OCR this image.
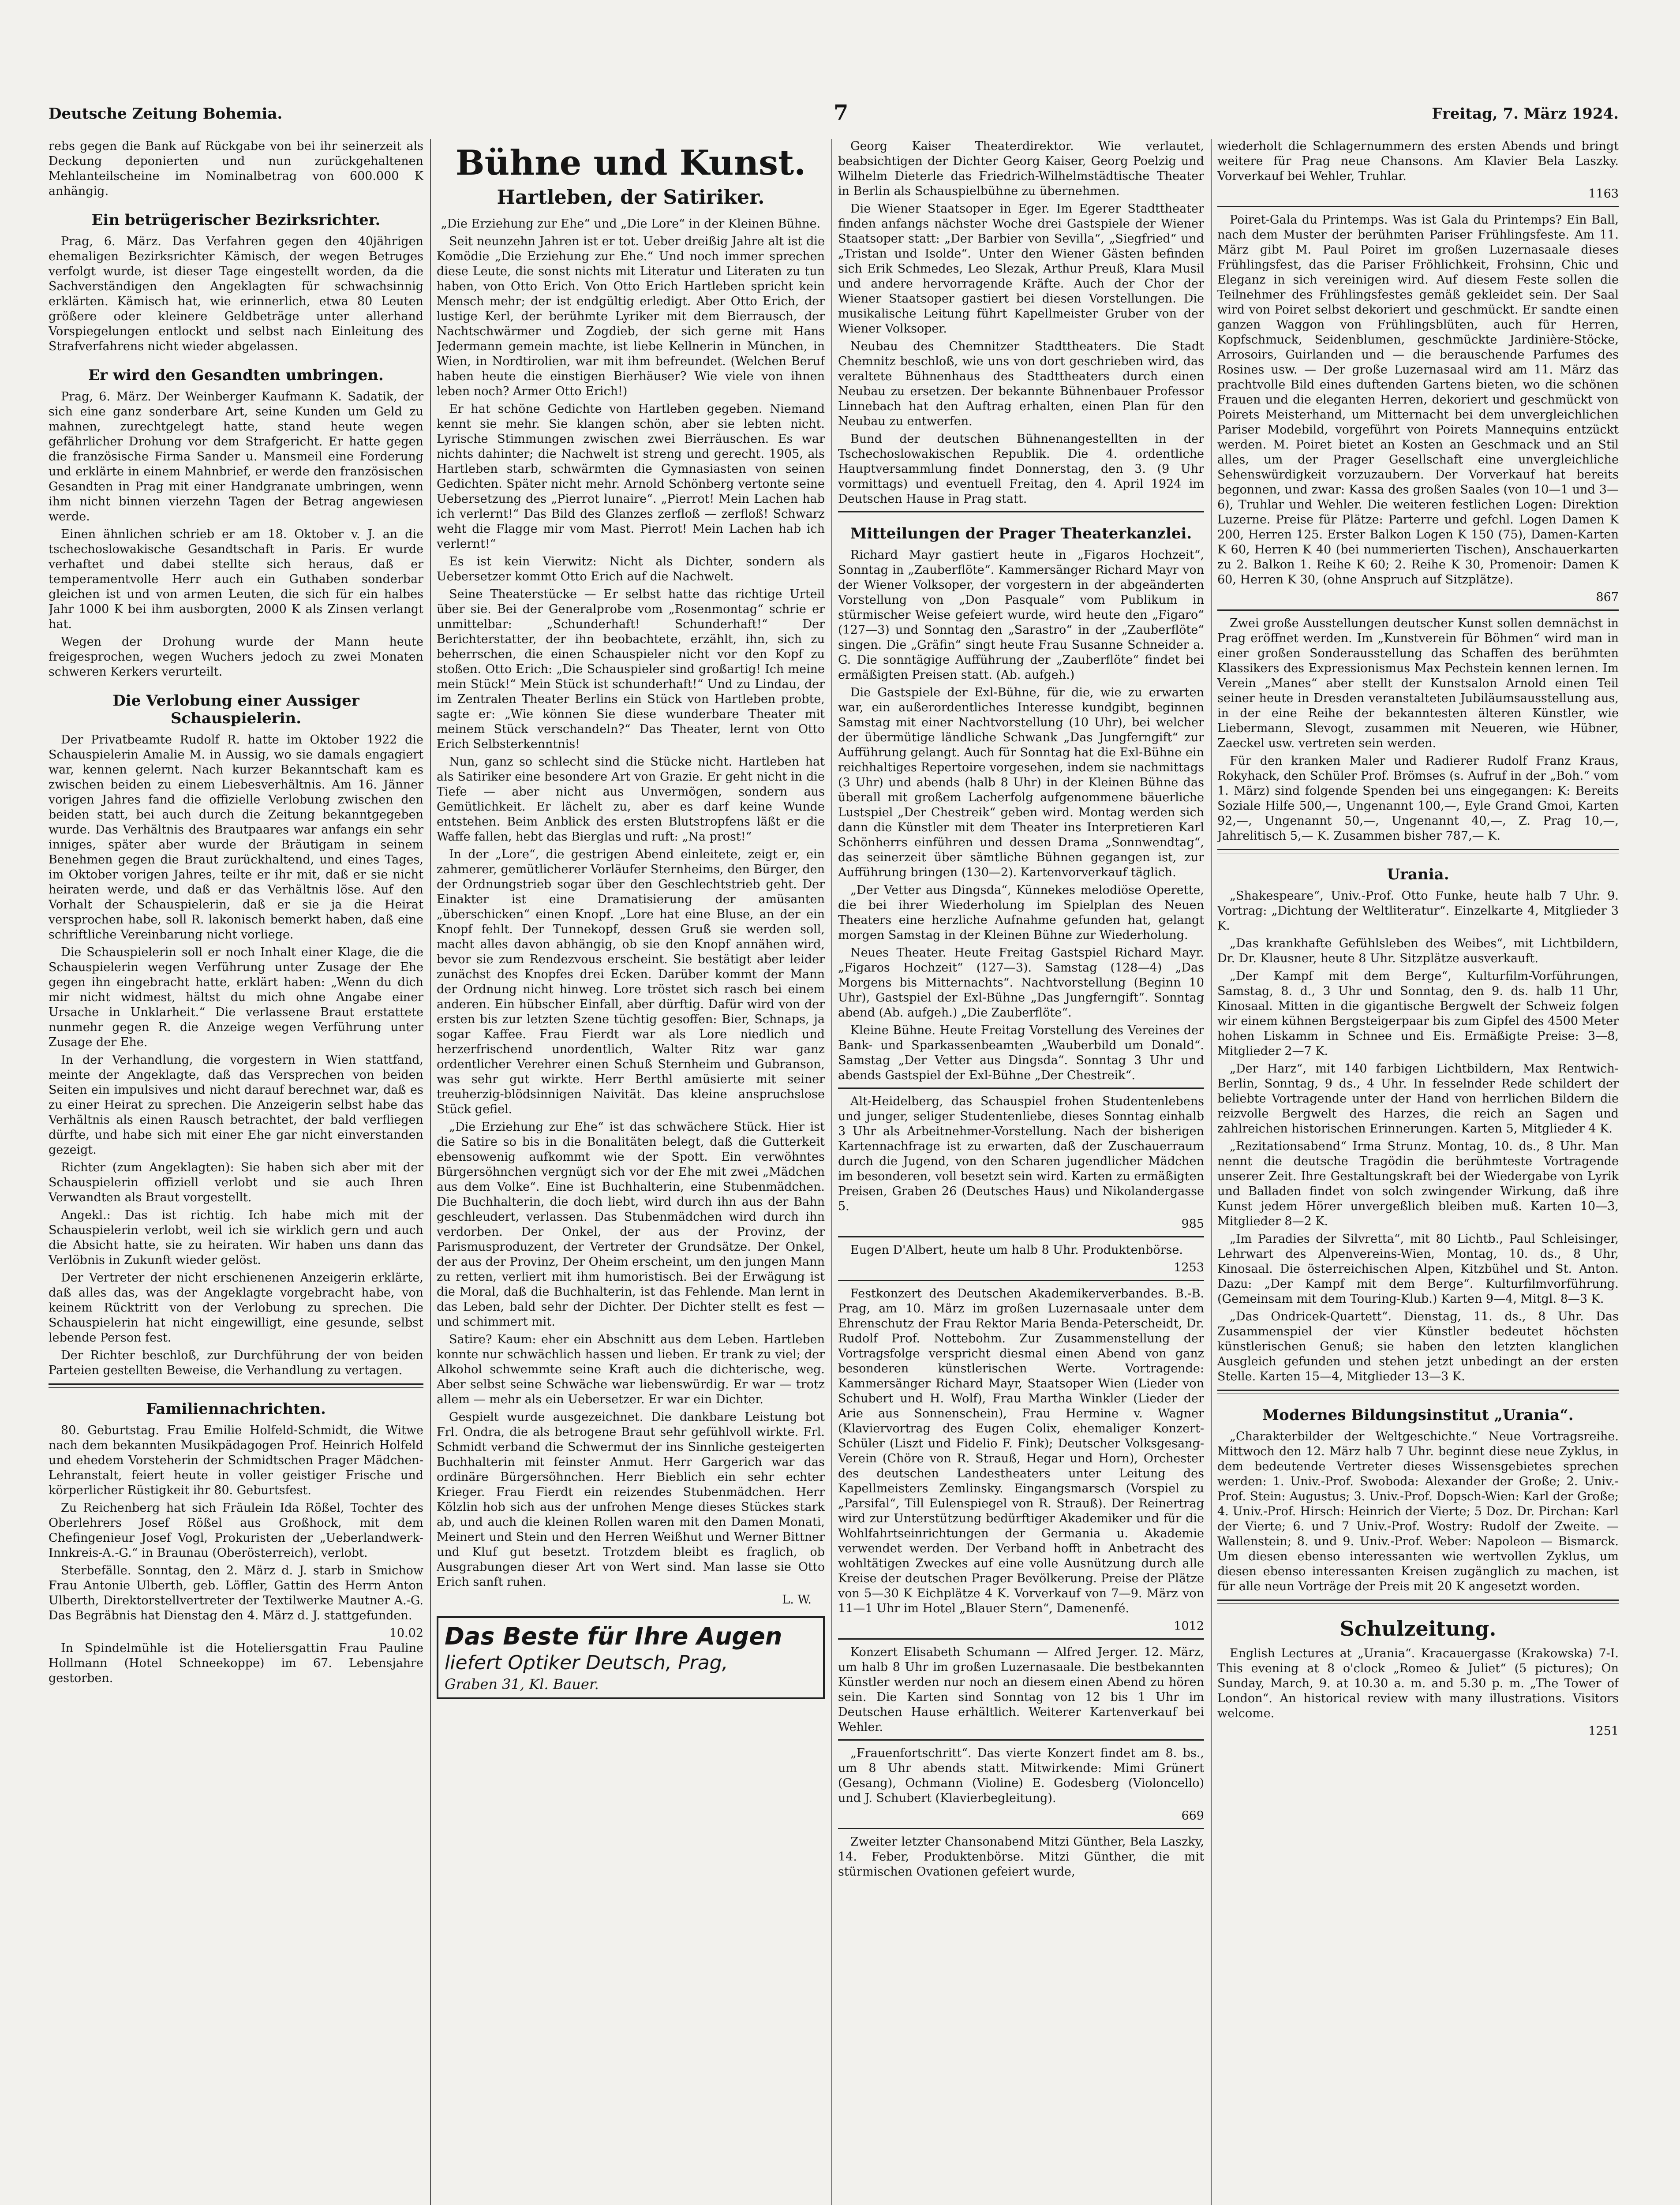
Deutsche Zeitung Bohemia.	7	Freitag, 7. März 1924.

rebs gegen die Bank auf Rückgabe von bei ihr seinerzeit als Deckung deponierten und nun zurückgehaltenen Mehlanteilscheine im Nominalbetrag von 600.000 K anhängig.

Ein betrügerischer Bezirksrichter.

Prag, 6. März. Das Verfahren gegen den 40jährigen ehemaligen Bezirksrichter Kämisch, der wegen Betruges verfolgt wurde, ist dieser Tage eingestellt worden, da die Sachverständigen den Angeklagten für schwachsinnig erklärten. Kämisch hat, wie erinnerlich, etwa 80 Leuten größere oder kleinere Geldbeträge unter allerhand Vorspiegelungen entlockt und selbst nach Einleitung des Strafverfahrens nicht wieder abgelassen.

Er wird den Gesandten umbringen.

Prag, 6. März. Der Weinberger Kaufmann K. Sadatik, der sich eine ganz sonderbare Art, seine Kunden um Geld zu mahnen, zurechtgelegt hatte, stand heute wegen gefährlicher Drohung vor dem Strafgericht. Er hatte gegen die französische Firma Sander u. Mansmeil eine Forderung und erklärte in einem Mahnbrief, er werde den französischen Gesandten in Prag mit einer Handgranate umbringen, wenn ihm nicht binnen vierzehn Tagen der Betrag angewiesen werde.

Einen ähnlichen schrieb er am 18. Oktober v. J. an die tschechoslowakische Gesandtschaft in Paris. Er wurde verhaftet und dabei stellte sich heraus, daß er temperamentvolle Herr auch ein Guthaben sonderbar gleichen ist und von armen Leuten, die sich für ein halbes Jahr 1000 K bei ihm ausborgten, 2000 K als Zinsen verlangt hat.

Wegen der Drohung wurde der Mann heute freigesprochen, wegen Wuchers jedoch zu zwei Monaten schweren Kerkers verurteilt.

Die Verlobung einer Aussiger Schauspielerin.

Der Privatbeamte Rudolf R. hatte im Oktober 1922 die Schauspielerin Amalie M. in Aussig, wo sie damals engagiert war, kennen gelernt. Nach kurzer Bekanntschaft kam es zwischen beiden zu einem Liebesverhältnis. Am 16. Jänner vorigen Jahres fand die offizielle Verlobung zwischen den beiden statt, bei auch durch die Zeitung bekanntgegeben wurde. Das Verhältnis des Brautpaares war anfangs ein sehr inniges, später aber wurde der Bräutigam in seinem Benehmen gegen die Braut zurückhaltend, und eines Tages, im Oktober vorigen Jahres, teilte er ihr mit, daß er sie nicht heiraten werde, und daß er das Verhältnis löse. Auf den Vorhalt der Schauspielerin, daß er sie ja die Heirat versprochen habe, soll R. lakonisch bemerkt haben, daß eine schriftliche Vereinbarung nicht vorliege.

Die Schauspielerin soll er noch Inhalt einer Klage, die die Schauspielerin wegen Verführung unter Zusage der Ehe gegen ihn eingebracht hatte, erklärt haben: „Wenn du dich mir nicht widmest, hältst du mich ohne Angabe einer Ursache in Unklarheit.“ Die verlassene Braut erstattete nunmehr gegen R. die Anzeige wegen Verführung unter Zusage der Ehe.

In der Verhandlung, die vorgestern in Wien stattfand, meinte der Angeklagte, daß das Versprechen von beiden Seiten ein impulsives und nicht darauf berechnet war, daß es zu einer Heirat zu sprechen. Die Anzeigerin selbst habe das Verhältnis als einen Rausch betrachtet, der bald verfliegen dürfte, und habe sich mit einer Ehe gar nicht einverstanden gezeigt.

Richter (zum Angeklagten): Sie haben sich aber mit der Schauspielerin offiziell verlobt und sie auch Ihren Verwandten als Braut vorgestellt.

Angekl.: Das ist richtig. Ich habe mich mit der Schauspielerin verlobt, weil ich sie wirklich gern und auch die Absicht hatte, sie zu heiraten. Wir haben uns dann das Verlöbnis in Zukunft wieder gelöst.

Der Vertreter der nicht erschienenen Anzeigerin erklärte, daß alles das, was der Angeklagte vorgebracht habe, von keinem Rücktritt von der Verlobung zu sprechen. Die Schauspielerin hat nicht eingewilligt, eine gesunde, selbst lebende Person fest.

Der Richter beschloß, zur Durchführung der von beiden Parteien gestellten Beweise, die Verhandlung zu vertagen.

Familiennachrichten.

80. Geburtstag. Frau Emilie Holfeld-Schmidt, die Witwe nach dem bekannten Musikpädagogen Prof. Heinrich Holfeld und ehedem Vorsteherin der Schmidtschen Prager Mädchen-Lehranstalt, feiert heute in voller geistiger Frische und körperlicher Rüstigkeit ihr 80. Geburtsfest.

Zu Reichenberg hat sich Fräulein Ida Rößel, Tochter des Oberlehrers Josef Rößel aus Großhock, mit dem Chefingenieur Josef Vogl, Prokuristen der „Ueberlandwerk-Innkreis-A.-G.“ in Braunau (Oberösterreich), verlobt.

Sterbefälle. Sonntag, den 2. März d. J. starb in Smichow Frau Antonie Ulberth, geb. Löffler, Gattin des Herrn Anton Ulberth, Direktorstellvertreter der Textilwerke Mautner A.-G. Das Begräbnis hat Dienstag den 4. März d. J. stattgefunden.

10.02

In Spindelmühle ist die Hoteliersgattin Frau Pauline Hollmann (Hotel Schneekoppe) im 67. Lebensjahre gestorben.

Bühne und Kunst.
Hartleben, der Satiriker.

„Die Erziehung zur Ehe“ und „Die Lore“ in der Kleinen Bühne.

Seit neunzehn Jahren ist er tot. Ueber dreißig Jahre alt ist die Komödie „Die Erziehung zur Ehe.“ Und noch immer sprechen diese Leute, die sonst nichts mit Literatur und Literaten zu tun haben, von Otto Erich. Von Otto Erich Hartleben spricht kein Mensch mehr; der ist endgültig erledigt. Aber Otto Erich, der lustige Kerl, der berühmte Lyriker mit dem Bierrausch, der Nachtschwärmer und Zogdieb, der sich gerne mit Hans Jedermann gemein machte, ist liebe Kellnerin in München, in Wien, in Nordtirolien, war mit ihm befreundet. (Welchen Beruf haben heute die einstigen Bierhäuser? Wie viele von ihnen leben noch? Armer Otto Erich!)

Er hat schöne Gedichte von Hartleben gegeben. Niemand kennt sie mehr. Sie klangen schön, aber sie lebten nicht. Lyrische Stimmungen zwischen zwei Bierräuschen. Es war nichts dahinter; die Nachwelt ist streng und gerecht. 1905, als Hartleben starb, schwärmten die Gymnasiasten von seinen Gedichten. Später nicht mehr. Arnold Schönberg vertonte seine Uebersetzung des „Pierrot lunaire“. „Pierrot! Mein Lachen hab ich verlernt!“ Das Bild des Glanzes zerfloß — zerfloß! Schwarz weht die Flagge mir vom Mast. Pierrot! Mein Lachen hab ich verlernt!“

Es ist kein Vierwitz: Nicht als Dichter, sondern als Uebersetzer kommt Otto Erich auf die Nachwelt.

Seine Theaterstücke — Er selbst hatte das richtige Urteil über sie. Bei der Generalprobe vom „Rosenmontag“ schrie er unmittelbar: „Schunderhaft! Schunderhaft!“ Der Berichterstatter, der ihn beobachtete, erzählt, ihn, sich zu beherrschen, die einen Schauspieler nicht vor den Kopf zu stoßen. Otto Erich: „Die Schauspieler sind großartig! Ich meine mein Stück!“ Mein Stück ist schunderhaft!“ Und zu Lindau, der im Zentralen Theater Berlins ein Stück von Hartleben probte, sagte er: „Wie können Sie diese wunderbare Theater mit meinem Stück verschandeln?“ Das Theater, lernt von Otto Erich Selbsterkenntnis!

Nun, ganz so schlecht sind die Stücke nicht. Hartleben hat als Satiriker eine besondere Art von Grazie. Er geht nicht in die Tiefe — aber nicht aus Unvermögen, sondern aus Gemütlichkeit. Er lächelt zu, aber es darf keine Wunde entstehen. Beim Anblick des ersten Blutstropfens läßt er die Waffe fallen, hebt das Bierglas und ruft: „Na prost!“

In der „Lore“, die gestrigen Abend einleitete, zeigt er, ein zahmerer, gemütlicherer Vorläufer Sternheims, den Bürger, den der Ordnungstrieb sogar über den Geschlechtstrieb geht. Der Einakter ist eine Dramatisierung der amüsanten „überschicken“ einen Knopf. „Lore hat eine Bluse, an der ein Knopf fehlt. Der Tunnekopf, dessen Gruß sie werden soll, macht alles davon abhängig, ob sie den Knopf annähen wird, bevor sie zum Rendezvous erscheint. Sie bestätigt aber leider zunächst des Knopfes drei Ecken. Darüber kommt der Mann der Ordnung nicht hinweg. Lore tröstet sich rasch bei einem anderen. Ein hübscher Einfall, aber dürftig. Dafür wird von der ersten bis zur letzten Szene tüchtig gesoffen: Bier, Schnaps, ja sogar Kaffee. Frau Fierdt war als Lore niedlich und herzerfrischend unordentlich, Walter Ritz war ganz ordentlicher Verehrer einen Schuß Sternheim und Gubranson, was sehr gut wirkte. Herr Berthl amüsierte mit seiner treuherzig-blödsinnigen Naivität. Das kleine anspruchslose Stück gefiel.

„Die Erziehung zur Ehe“ ist das schwächere Stück. Hier ist die Satire so bis in die Bonalitäten belegt, daß die Gutterkeit ebensowenig aufkommt wie der Spott. Ein verwöhntes Bürgersöhnchen vergnügt sich vor der Ehe mit zwei „Mädchen aus dem Volke“. Eine ist Buchhalterin, eine Stubenmädchen. Die Buchhalterin, die doch liebt, wird durch ihn aus der Bahn geschleudert, verlassen. Das Stubenmädchen wird durch ihn verdorben. Der Onkel, der aus der Provinz, der Parismusproduzent, der Vertreter der Grundsätze. Der Onkel, der aus der Provinz, Der Oheim erscheint, um den jungen Mann zu retten, verliert mit ihm humoristisch. Bei der Erwägung ist die Moral, daß die Buchhalterin, ist das Fehlende. Man lernt in das Leben, bald sehr der Dichter. Der Dichter stellt es fest — und schimmert mit.

Satire? Kaum: eher ein Abschnitt aus dem Leben. Hartleben konnte nur schwächlich hassen und lieben. Er trank zu viel; der Alkohol schwemmte seine Kraft auch die dichterische, weg. Aber selbst seine Schwäche war liebenswürdig. Er war — trotz allem — mehr als ein Uebersetzer. Er war ein Dichter.

Gespielt wurde ausgezeichnet. Die dankbare Leistung bot Frl. Ondra, die als betrogene Braut sehr gefühlvoll wirkte. Frl. Schmidt verband die Schwermut der ins Sinnliche gesteigerten Buchhalterin mit feinster Anmut. Herr Gargerich war das ordinäre Bürgersöhnchen. Herr Bieblich ein sehr echter Krieger. Frau Fierdt ein reizendes Stubenmädchen. Herr Kölzlin hob sich aus der unfrohen Menge dieses Stückes stark ab, und auch die kleinen Rollen waren mit den Damen Monati, Meinert und Stein und den Herren Weißhut und Werner Bittner und Kluf gut besetzt. Trotzdem bleibt es fraglich, ob Ausgrabungen dieser Art von Wert sind. Man lasse sie Otto Erich sanft ruhen.

L. W.
Das Beste für Ihre Augen
liefert Optiker Deutsch, Prag,
Graben 31, Kl. Bauer.

Georg Kaiser Theaterdirektor. Wie verlautet, beabsichtigen der Dichter Georg Kaiser, Georg Poelzig und Wilhelm Dieterle das Friedrich-Wilhelmstädtische Theater in Berlin als Schauspielbühne zu übernehmen.

Die Wiener Staatsoper in Eger. Im Egerer Stadttheater finden anfangs nächster Woche drei Gastspiele der Wiener Staatsoper statt: „Der Barbier von Sevilla“, „Siegfried“ und „Tristan und Isolde“. Unter den Wiener Gästen befinden sich Erik Schmedes, Leo Slezak, Arthur Preuß, Klara Musil und andere hervorragende Kräfte. Auch der Chor der Wiener Staatsoper gastiert bei diesen Vorstellungen. Die musikalische Leitung führt Kapellmeister Gruber von der Wiener Volksoper.

Neubau des Chemnitzer Stadttheaters. Die Stadt Chemnitz beschloß, wie uns von dort geschrieben wird, das veraltete Bühnenhaus des Stadttheaters durch einen Neubau zu ersetzen. Der bekannte Bühnenbauer Professor Linnebach hat den Auftrag erhalten, einen Plan für den Neubau zu entwerfen.

Bund der deutschen Bühnenangestellten in der Tschechoslowakischen Republik. Die 4. ordentliche Hauptversammlung findet Donnerstag, den 3. (9 Uhr vormittags) und eventuell Freitag, den 4. April 1924 im Deutschen Hause in Prag statt.

Mitteilungen der Prager Theaterkanzlei.

Richard Mayr gastiert heute in „Figaros Hochzeit“, Sonntag in „Zauberflöte“. Kammersänger Richard Mayr von der Wiener Volksoper, der vorgestern in der abgeänderten Vorstellung von „Don Pasquale“ vom Publikum in stürmischer Weise gefeiert wurde, wird heute den „Figaro“ (127—3) und Sonntag den „Sarastro“ in der „Zauberflöte“ singen. Die „Gräfin“ singt heute Frau Susanne Schneider a. G. Die sonntägige Aufführung der „Zauberflöte“ findet bei ermäßigten Preisen statt. (Ab. aufgeh.)

Die Gastspiele der Exl-Bühne, für die, wie zu erwarten war, ein außerordentliches Interesse kundgibt, beginnen Samstag mit einer Nachtvorstellung (10 Uhr), bei welcher der übermütige ländliche Schwank „Das Jungferngift“ zur Aufführung gelangt. Auch für Sonntag hat die Exl-Bühne ein reichhaltiges Repertoire vorgesehen, indem sie nachmittags (3 Uhr) und abends (halb 8 Uhr) in der Kleinen Bühne das überall mit großem Lacherfolg aufgenommene bäuerliche Lustspiel „Der Chestreik“ geben wird. Montag werden sich dann die Künstler mit dem Theater ins Interpretieren Karl Schönherrs einführen und dessen Drama „Sonnwendtag“, das seinerzeit über sämtliche Bühnen gegangen ist, zur Aufführung bringen (130—2). Kartenvorverkauf täglich.

„Der Vetter aus Dingsda“, Künnekes melodiöse Operette, die bei ihrer Wiederholung im Spielplan des Neuen Theaters eine herzliche Aufnahme gefunden hat, gelangt morgen Samstag in der Kleinen Bühne zur Wiederholung.

Neues Theater. Heute Freitag Gastspiel Richard Mayr. „Figaros Hochzeit“ (127—3). Samstag (128—4) „Das Morgens bis Mitternachts“. Nachtvorstellung (Beginn 10 Uhr), Gastspiel der Exl-Bühne „Das Jungferngift“. Sonntag abend (Ab. aufgeh.) „Die Zauberflöte“.

Kleine Bühne. Heute Freitag Vorstellung des Vereines der Bank- und Sparkassenbeamten „Wauberbild um Donald“. Samstag „Der Vetter aus Dingsda“. Sonntag 3 Uhr und abends Gastspiel der Exl-Bühne „Der Chestreik“.

Alt-Heidelberg, das Schauspiel frohen Studentenlebens und junger, seliger Studentenliebe, dieses Sonntag einhalb 3 Uhr als Arbeitnehmer-Vorstellung. Nach der bisherigen Kartennachfrage ist zu erwarten, daß der Zuschauerraum durch die Jugend, von den Scharen jugendlicher Mädchen im besonderen, voll besetzt sein wird. Karten zu ermäßigten Preisen, Graben 26 (Deutsches Haus) und Nikolandergasse 5.

985

Eugen D'Albert, heute um halb 8 Uhr. Produktenbörse.

1253

Festkonzert des Deutschen Akademikerverbandes. B.-B. Prag, am 10. März im großen Luzernasaale unter dem Ehrenschutz der Frau Rektor Maria Benda-Peterscheidt, Dr. Rudolf Prof. Nottebohm. Zur Zusammenstellung der Vortragsfolge verspricht diesmal einen Abend von ganz besonderen künstlerischen Werte. Vortragende: Kammersänger Richard Mayr, Staatsoper Wien (Lieder von Schubert und H. Wolf), Frau Martha Winkler (Lieder der Arie aus Sonnenschein), Frau Hermine v. Wagner (Klaviervortrag des Eugen Colix, ehemaliger Konzert-Schüler (Liszt und Fidelio F. Fink); Deutscher Volksgesang-Verein (Chöre von R. Strauß, Hegar und Horn), Orchester des deutschen Landestheaters unter Leitung des Kapellmeisters Zemlinsky. Eingangsmarsch (Vorspiel zu „Parsifal“, Till Eulenspiegel von R. Strauß). Der Reinertrag wird zur Unterstützung bedürftiger Akademiker und für die Wohlfahrtseinrichtungen der Germania u. Akademie verwendet werden. Der Verband hofft in Anbetracht des wohltätigen Zweckes auf eine volle Ausnützung durch alle Kreise der deutschen Prager Bevölkerung. Preise der Plätze von 5—30 K Eichplätze 4 K. Vorverkauf von 7—9. März von 11—1 Uhr im Hotel „Blauer Stern“, Damenenfé.

1012

Konzert Elisabeth Schumann — Alfred Jerger. 12. März, um halb 8 Uhr im großen Luzernasaale. Die bestbekannten Künstler werden nur noch an diesem einen Abend zu hören sein. Die Karten sind Sonntag von 12 bis 1 Uhr im Deutschen Hause erhältlich. Weiterer Kartenverkauf bei Wehler.

„Frauenfortschritt“. Das vierte Konzert findet am 8. bs., um 8 Uhr abends statt. Mitwirkende: Mimi Grünert (Gesang), Ochmann (Violine) E. Godesberg (Violoncello) und J. Schubert (Klavierbegleitung).

669

Zweiter letzter Chansonabend Mitzi Günther, Bela Laszky, 14. Feber, Produktenbörse. Mitzi Günther, die mit stürmischen Ovationen gefeiert wurde,

wiederholt die Schlagernummern des ersten Abends und bringt weitere für Prag neue Chansons. Am Klavier Bela Laszky. Vorverkauf bei Wehler, Truhlar.

1163

Poiret-Gala du Printemps. Was ist Gala du Printemps? Ein Ball, nach dem Muster der berühmten Pariser Frühlingsfeste. Am 11. März gibt M. Paul Poiret im großen Luzernasaale dieses Frühlingsfest, das die Pariser Fröhlichkeit, Frohsinn, Chic und Eleganz in sich vereinigen wird. Auf diesem Feste sollen die Teilnehmer des Frühlingsfestes gemäß gekleidet sein. Der Saal wird von Poiret selbst dekoriert und geschmückt. Er sandte einen ganzen Waggon von Frühlingsblüten, auch für Herren, Kopfschmuck, Seidenblumen, geschmückte Jardinière-Stöcke, Arrosoirs, Guirlanden und — die berauschende Parfumes des Rosines usw. — Der große Luzernasaal wird am 11. März das prachtvolle Bild eines duftenden Gartens bieten, wo die schönen Frauen und die eleganten Herren, dekoriert und geschmückt von Poirets Meisterhand, um Mitternacht bei dem unvergleichlichen Pariser Modebild, vorgeführt von Poirets Mannequins entzückt werden. M. Poiret bietet an Kosten an Geschmack und an Stil alles, um der Prager Gesellschaft eine unvergleichliche Sehenswürdigkeit vorzuzaubern. Der Vorverkauf hat bereits begonnen, und zwar: Kassa des großen Saales (von 10—1 und 3—6), Truhlar und Wehler. Die weiteren festlichen Logen: Direktion Luzerne. Preise für Plätze: Parterre und gefchl. Logen Damen K 200, Herren 125. Erster Balkon Logen K 150 (75), Damen-Karten K 60, Herren K 40 (bei nummerierten Tischen), Anschauerkarten zu 2. Balkon 1. Reihe K 60; 2. Reihe K 30, Promenoir: Damen K 60, Herren K 30, (ohne Anspruch auf Sitzplätze).

867

Zwei große Ausstellungen deutscher Kunst sollen demnächst in Prag eröffnet werden. Im „Kunstverein für Böhmen“ wird man in einer großen Sonderausstellung das Schaffen des berühmten Klassikers des Expressionismus Max Pechstein kennen lernen. Im Verein „Manes“ aber stellt der Kunstsalon Arnold einen Teil seiner heute in Dresden veranstalteten Jubiläumsausstellung aus, in der eine Reihe der bekanntesten älteren Künstler, wie Liebermann, Slevogt, zusammen mit Neueren, wie Hübner, Zaeckel usw. vertreten sein werden.

Für den kranken Maler und Radierer Rudolf Franz Kraus, Rokyhack, den Schüler Prof. Brömses (s. Aufruf in der „Boh.“ vom 1. März) sind folgende Spenden bei uns eingegangen: K: Bereits Soziale Hilfe 500,—, Ungenannt 100,—, Eyle Grand Gmoi, Karten 92,—, Ungenannt 50,—, Ungenannt 40,—, Z. Prag 10,—, Jahrelitisch 5,— K. Zusammen bisher 787,— K.

Urania.

„Shakespeare“, Univ.-Prof. Otto Funke, heute halb 7 Uhr. 9. Vortrag: „Dichtung der Weltliteratur“. Einzelkarte 4, Mitglieder 3 K.

„Das krankhafte Gefühlsleben des Weibes“, mit Lichtbildern, Dr. Dr. Klausner, heute 8 Uhr. Sitzplätze ausverkauft.

„Der Kampf mit dem Berge“, Kulturfilm-Vorführungen, Samstag, 8. d., 3 Uhr und Sonntag, den 9. ds. halb 11 Uhr, Kinosaal. Mitten in die gigantische Bergwelt der Schweiz folgen wir einem kühnen Bergsteigerpaar bis zum Gipfel des 4500 Meter hohen Liskamm in Schnee und Eis. Ermäßigte Preise: 3—8, Mitglieder 2—7 K.

„Der Harz“, mit 140 farbigen Lichtbildern, Max Rentwich-Berlin, Sonntag, 9 ds., 4 Uhr. In fesselnder Rede schildert der beliebte Vortragende unter der Hand von herrlichen Bildern die reizvolle Bergwelt des Harzes, die reich an Sagen und zahlreichen historischen Erinnerungen. Karten 5, Mitglieder 4 K.

„Rezitationsabend“ Irma Strunz. Montag, 10. ds., 8 Uhr. Man nennt die deutsche Tragödin die berühmteste Vortragende unserer Zeit. Ihre Gestaltungskraft bei der Wiedergabe von Lyrik und Balladen findet von solch zwingender Wirkung, daß ihre Kunst jedem Hörer unvergeßlich bleiben muß. Karten 10—3, Mitglieder 8—2 K.

„Im Paradies der Silvretta“, mit 80 Lichtb., Paul Schleisinger, Lehrwart des Alpenvereins-Wien, Montag, 10. ds., 8 Uhr, Kinosaal. Die österreichischen Alpen, Kitzbühel und St. Anton. Dazu: „Der Kampf mit dem Berge“. Kulturfilmvorführung. (Gemeinsam mit dem Touring-Klub.) Karten 9—4, Mitgl. 8—3 K.

„Das Ondricek-Quartett“. Dienstag, 11. ds., 8 Uhr. Das Zusammenspiel der vier Künstler bedeutet höchsten künstlerischen Genuß; sie haben den letzten klanglichen Ausgleich gefunden und stehen jetzt unbedingt an der ersten Stelle. Karten 15—4, Mitglieder 13—3 K.

Modernes Bildungsinstitut „Urania“.

„Charakterbilder der Weltgeschichte.“ Neue Vortragsreihe. Mittwoch den 12. März halb 7 Uhr. beginnt diese neue Zyklus, in dem bedeutende Vertreter dieses Wissensgebietes sprechen werden: 1. Univ.-Prof. Swoboda: Alexander der Große; 2. Univ.-Prof. Stein: Augustus; 3. Univ.-Prof. Dopsch-Wien: Karl der Große; 4. Univ.-Prof. Hirsch: Heinrich der Vierte; 5 Doz. Dr. Pirchan: Karl der Vierte; 6. und 7 Univ.-Prof. Wostry: Rudolf der Zweite. — Wallenstein; 8. und 9. Univ.-Prof. Weber: Napoleon — Bismarck. Um diesen ebenso interessanten wie wertvollen Zyklus, um diesen ebenso interessanten Kreisen zugänglich zu machen, ist für alle neun Vorträge der Preis mit 20 K angesetzt worden.

Schulzeitung.

English Lectures at „Urania“. Kracauergasse (Krakowska) 7-I. This evening at 8 o'clock „Romeo & Juliet“ (5 pictures); On Sunday, March, 9. at 10.30 a. m. and 5.30 p. m. „The Tower of London“. An historical review with many illustrations. Visitors welcome.

1251
